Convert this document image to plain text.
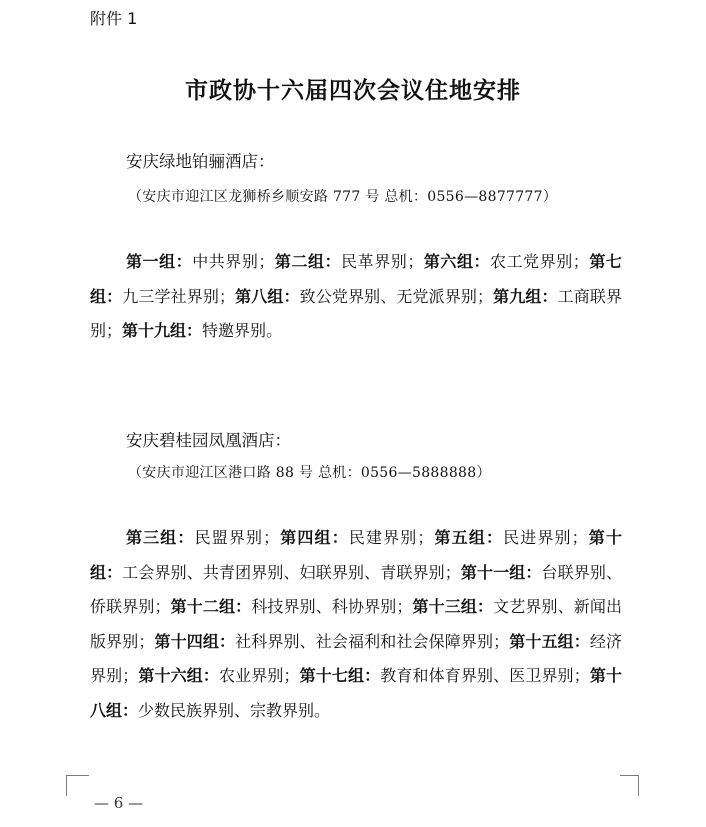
附件 1
市政协十六届四次会议住地安排
安庆绿地铂骊酒店：
（安庆市迎江区龙狮桥乡顺安路 777 号 总机：0556—8877777）
第一组：中共界别；第二组：民革界别；第六组：农工党界别；第七组：九三学社界别；第八组：致公党界别、无党派界别；第九组：工商联界别；第十九组：特邀界别。
安庆碧桂园凤凰酒店：
（安庆市迎江区港口路 88 号 总机：0556—5888888）
第三组：民盟界别；第四组：民建界别；第五组：民进界别；第十组：工会界别、共青团界别、妇联界别、青联界别；第十一组：台联界别、侨联界别；第十二组：科技界别、科协界别；第十三组：文艺界别、新闻出版界别；第十四组：社科界别、社会福利和社会保障界别；第十五组：经济界别；第十六组：农业界别；第十七组：教育和体育界别、医卫界别；第十八组：少数民族界别、宗教界别。
— 6 —
